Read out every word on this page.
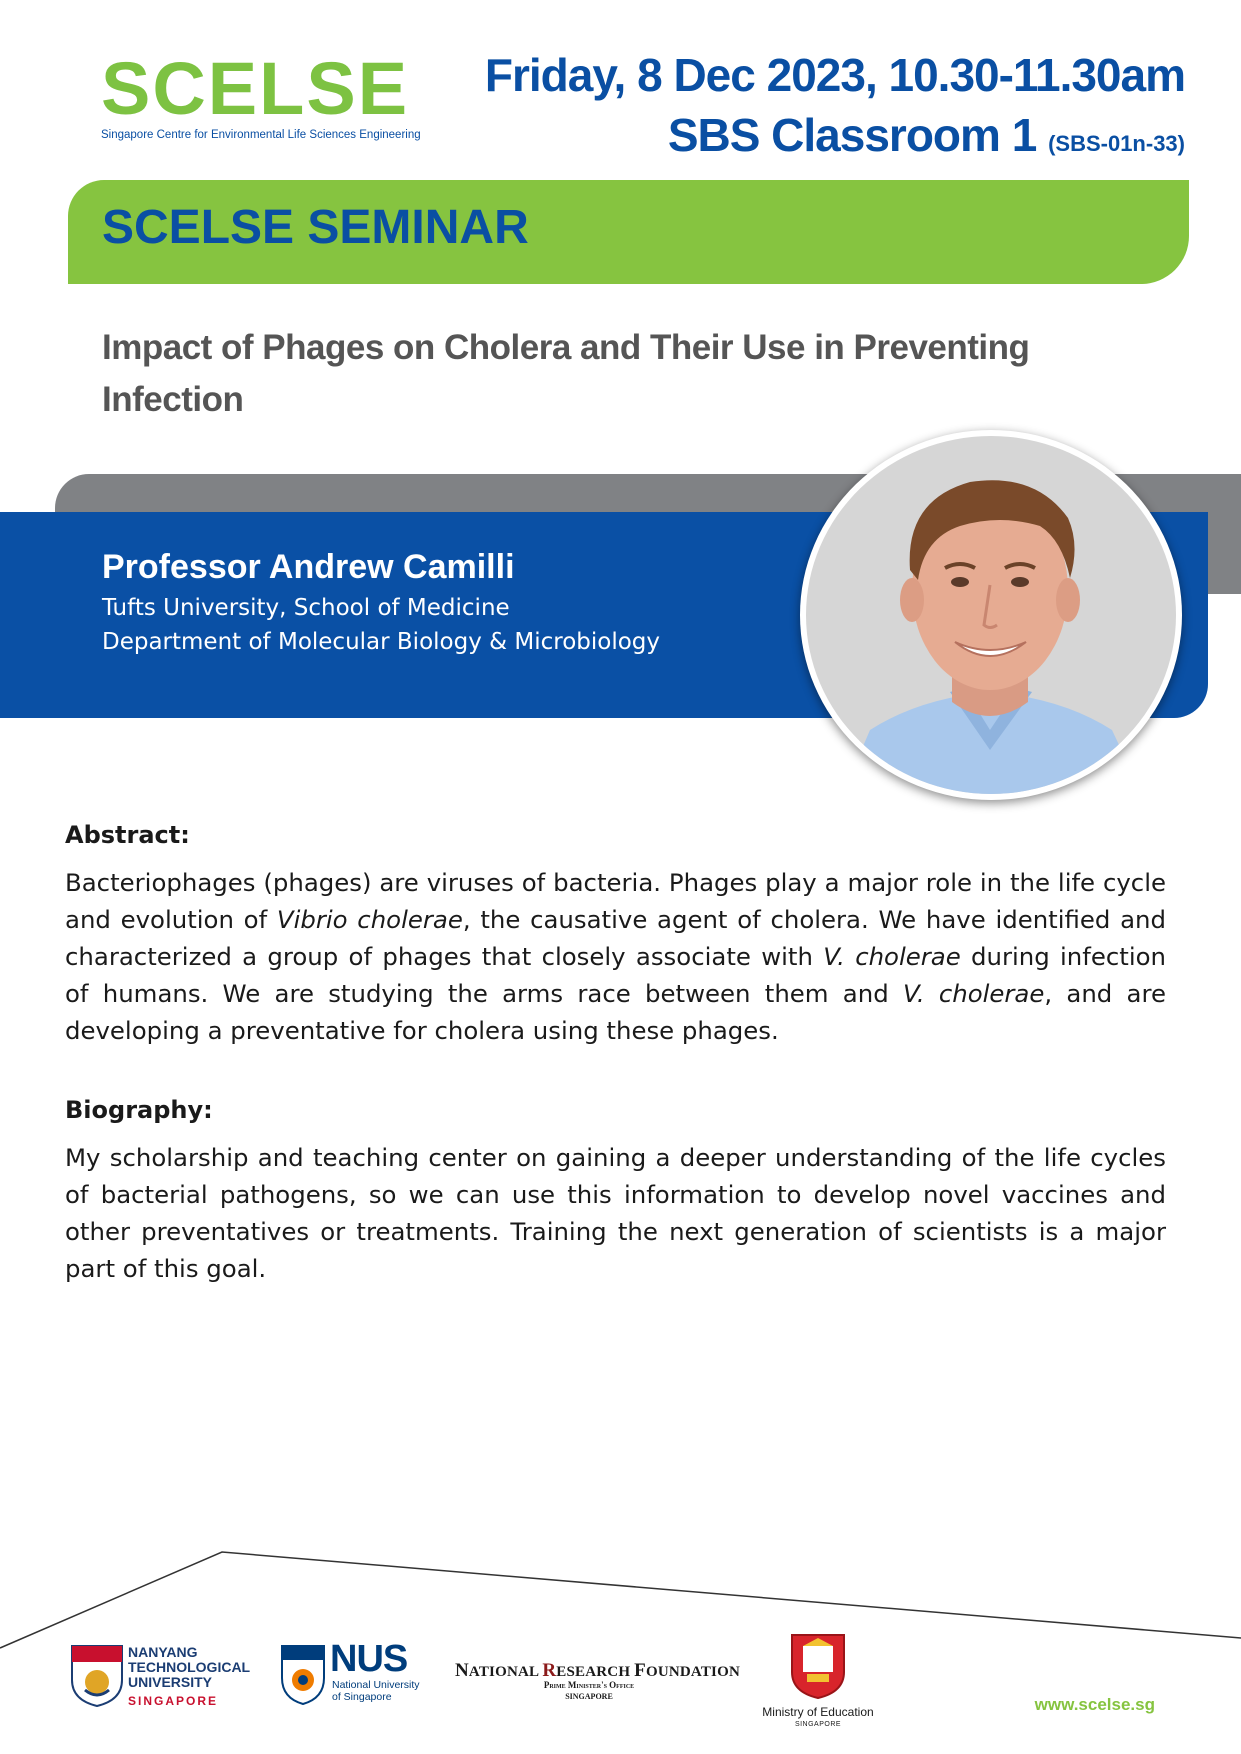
SCELSE
Singapore Centre for Environmental Life Sciences Engineering
Friday, 8 Dec 2023, 10.30-11.30am
SBS Classroom 1 (SBS-01n-33)
SCELSE SEMINAR
Impact of Phages on Cholera and Their Use in Preventing Infection
Professor Andrew Camilli
Tufts University, School of Medicine
Department of Molecular Biology & Microbiology
Abstract:
Bacteriophages (phages) are viruses of bacteria. Phages play a major role in the life cycle and evolution of Vibrio cholerae, the causative agent of cholera. We have identified and characterized a group of phages that closely associate with V. cholerae during infection of humans. We are studying the arms race between them and V. cholerae, and are developing a preventative for cholera using these phages.
Biography:
My scholarship and teaching center on gaining a deeper understanding of the life cycles of bacterial pathogens, so we can use this information to develop novel vaccines and other preventatives or treatments. Training the next generation of scientists is a major part of this goal.
NANYANG
TECHNOLOGICAL
UNIVERSITY
SINGAPORE
NUS
National University
of Singapore
NATIONAL RESEARCH FOUNDATION
Prime Minister's Office
SINGAPORE
Ministry of Education
SINGAPORE
www.scelse.sg
